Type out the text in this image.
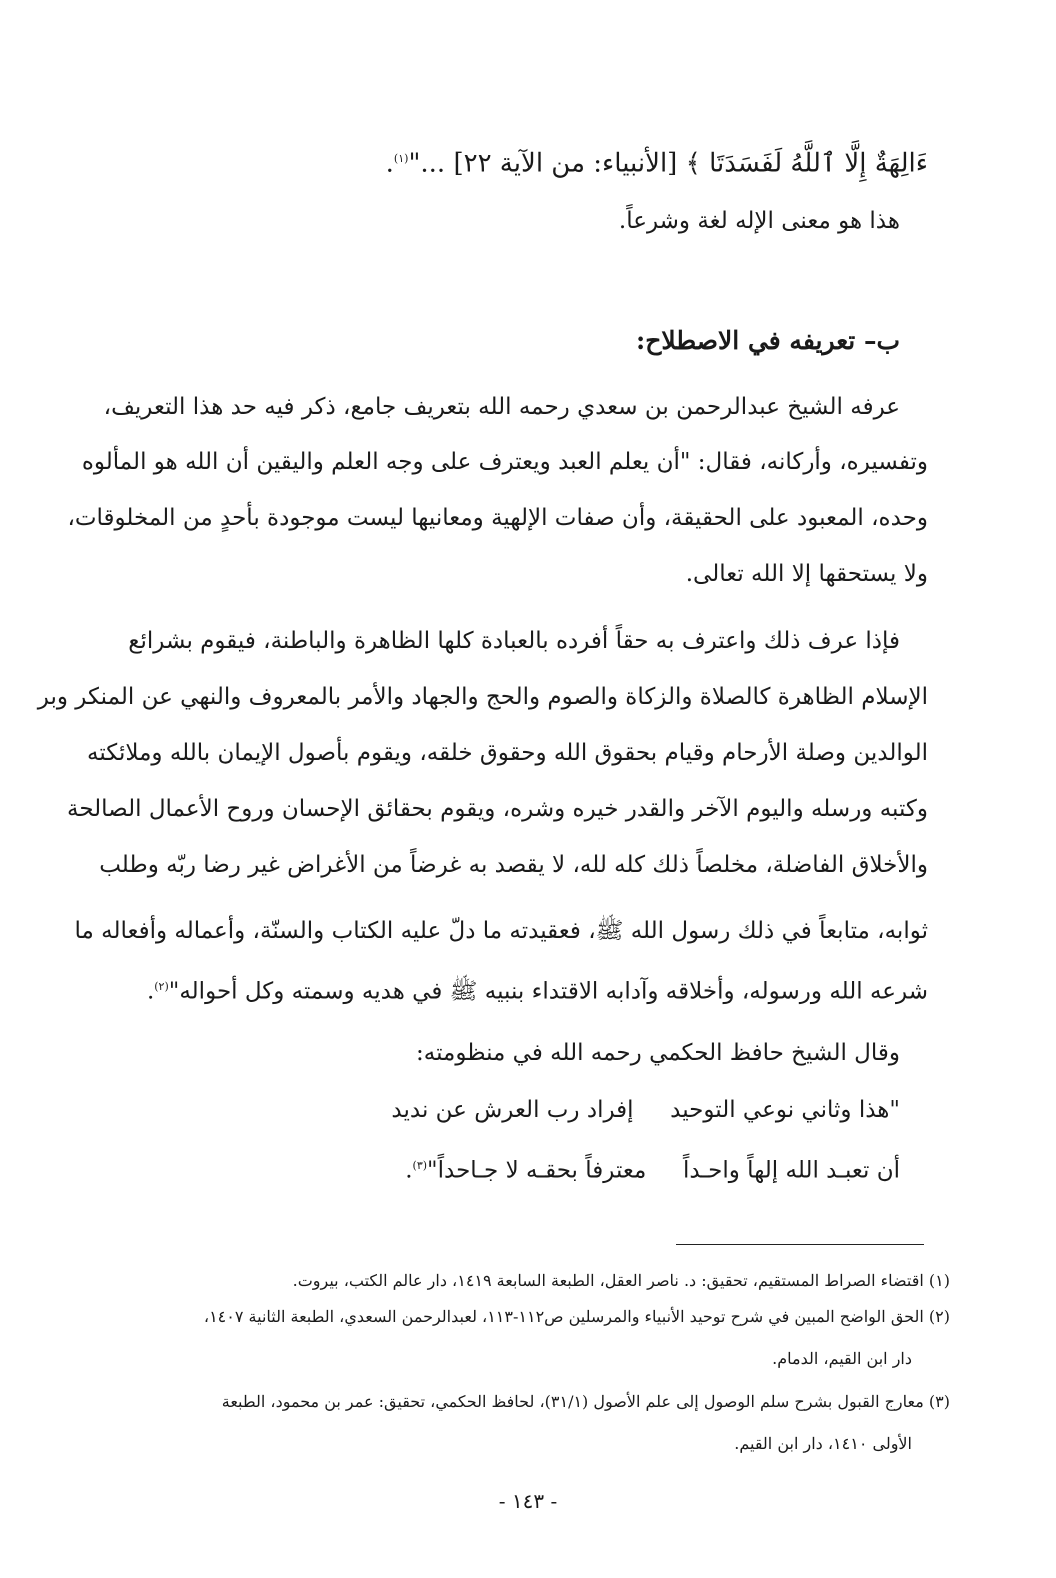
ءَالِهَةٌ إِلَّا ٱللَّهُ لَفَسَدَتَا ﴾ [الأنبياء: من الآية ٢٢] ..."$^{(١)}$.

هذا هو معنى الإله لغة وشرعاً.

ب– تعريفه في الاصطلاح:

عرفه الشيخ عبدالرحمن بن سعدي رحمه الله بتعريف جامع، ذكر فيه حد هذا التعريف،

وتفسيره، وأركانه، فقال: "أن يعلم العبد ويعترف على وجه العلم واليقين أن الله هو المألوه

وحده، المعبود على الحقيقة، وأن صفات الإلهية ومعانيها ليست موجودة بأحدٍ من المخلوقات،

ولا يستحقها إلا الله تعالى.

فإذا عرف ذلك واعترف به حقاً أفرده بالعبادة كلها الظاهرة والباطنة، فيقوم بشرائع

الإسلام الظاهرة كالصلاة والزكاة والصوم والحج والجهاد والأمر بالمعروف والنهي عن المنكر وبر

الوالدين وصلة الأرحام وقيام بحقوق الله وحقوق خلقه، ويقوم بأصول الإيمان بالله وملائكته

وكتبه ورسله واليوم الآخر والقدر خيره وشره، ويقوم بحقائق الإحسان وروح الأعمال الصالحة

والأخلاق الفاضلة، مخلصاً ذلك كله لله، لا يقصد به غرضاً من الأغراض غير رضا ربّه وطلب

ثوابه، متابعاً في ذلك رسول الله ﷺ، فعقيدته ما دلّ عليه الكتاب والسنّة، وأعماله وأفعاله ما

شرعه الله ورسوله، وأخلاقه وآدابه الاقتداء بنبيه ﷺ في هديه وسمته وكل أحواله"$^{(٢)}$.

وقال الشيخ حافظ الحكمي رحمه الله في منظومته:

"هذا وثاني نوعي التوحيد  إفراد رب العرش عن نديد
أن تعبـد الله إلهاً واحـداً  معترفاً بحقـه لا جـاحداً"$^{(٣)}$.
(١) اقتضاء الصراط المستقيم، تحقيق: د. ناصر العقل، الطبعة السابعة ١٤١٩، دار عالم الكتب، بيروت.
(٢) الحق الواضح المبين في شرح توحيد الأنبياء والمرسلين ص١١٢-١١٣، لعبدالرحمن السعدي، الطبعة الثانية ١٤٠٧،
دار ابن القيم، الدمام.
(٣) معارج القبول بشرح سلم الوصول إلى علم الأصول (٣١/١)، لحافظ الحكمي، تحقيق: عمر بن محمود، الطبعة
الأولى ١٤١٠، دار ابن القيم.
- ١٤٣ -
